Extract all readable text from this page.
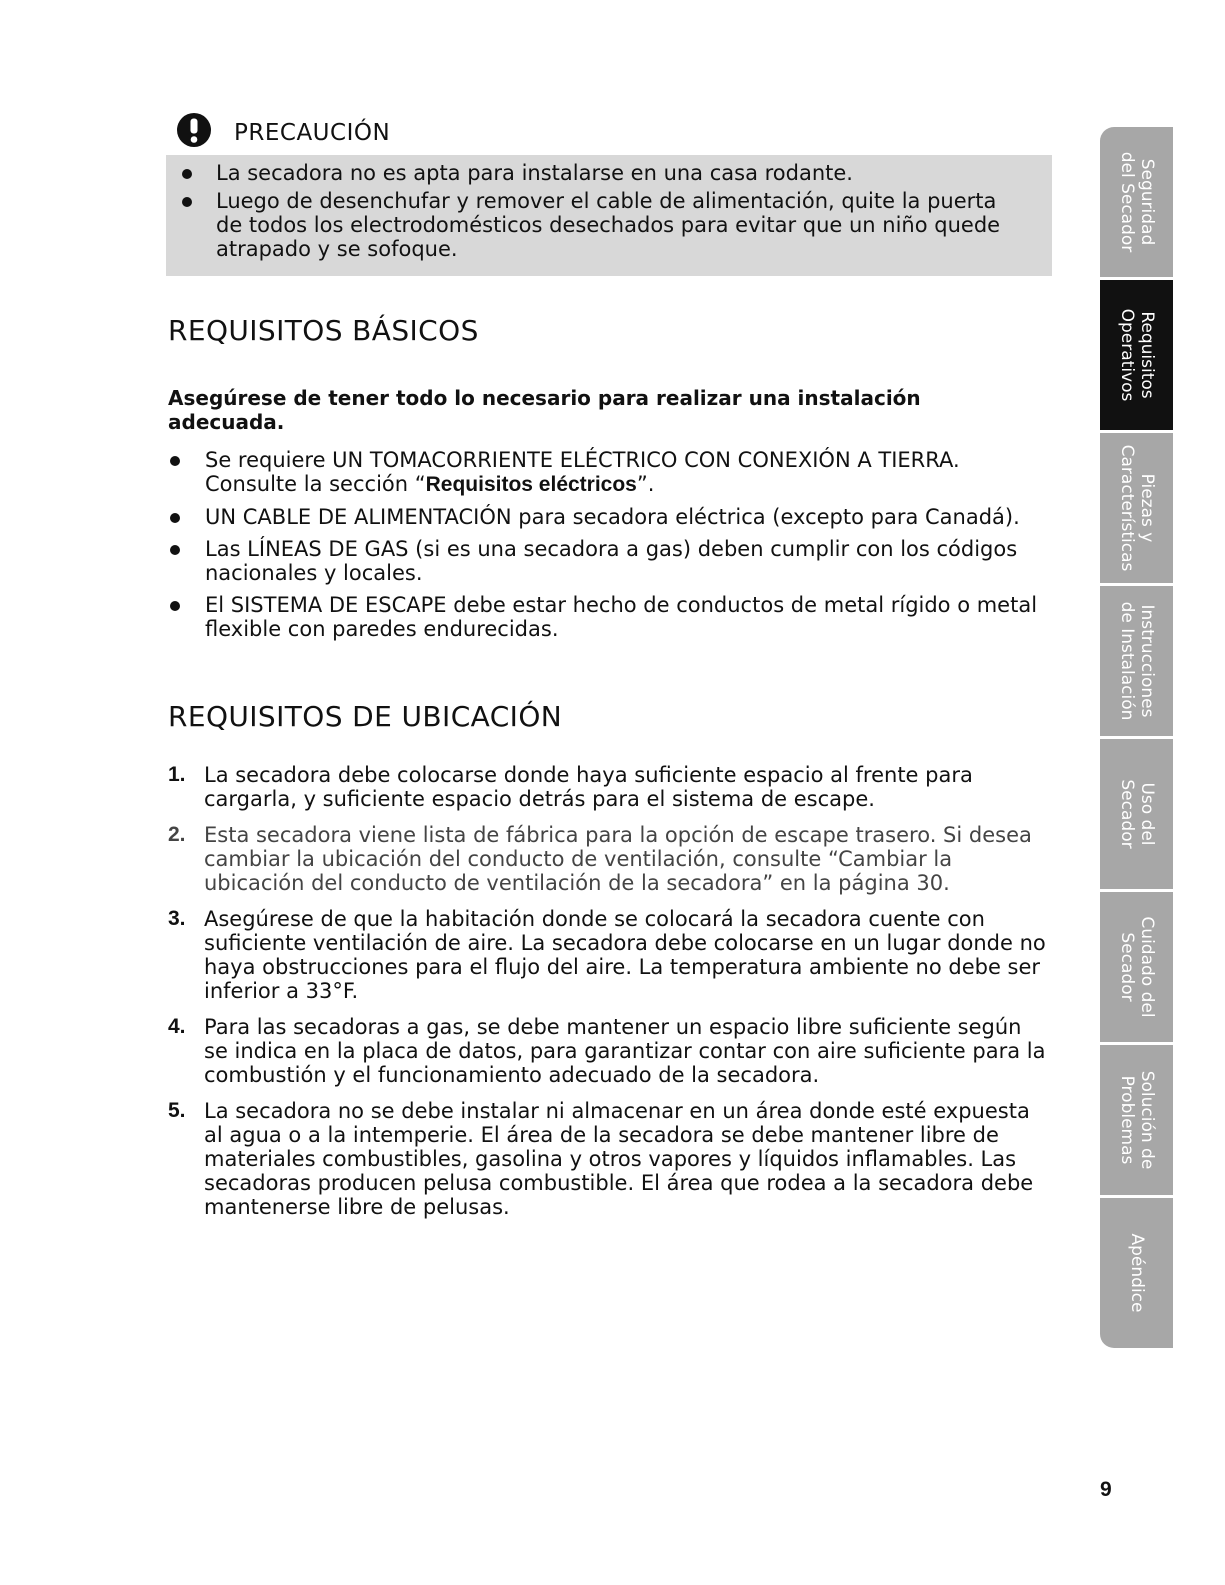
PRECAUCIÓN
La secadora no es apta para instalarse en una casa rodante.
Luego de desenchufar y remover el cable de alimentación, quite la puerta de todos los electrodomésticos desechados para evitar que un niño quede atrapado y se sofoque.
REQUISITOS BÁSICOS

Asegúrese de tener todo lo necesario para realizar una instalación adecuada.

Se requiere UN TOMACORRIENTE ELÉCTRICO CON CONEXIÓN A TIERRA. Consulte la sección “Requisitos eléctricos”.
UN CABLE DE ALIMENTACIÓN para secadora eléctrica (excepto para Canadá).
Las LÍNEAS DE GAS (si es una secadora a gas) deben cumplir con los códigos nacionales y locales.
El SISTEMA DE ESCAPE debe estar hecho de conductos de metal rígido o metal flexible con paredes endurecidas.
REQUISITOS DE UBICACIÓN
1. La secadora debe colocarse donde haya suficiente espacio al frente para cargarla, y suficiente espacio detrás para el sistema de escape.
2. Esta secadora viene lista de fábrica para la opción de escape trasero. Si desea cambiar la ubicación del conducto de ventilación, consulte “Cambiar la ubicación del conducto de ventilación de la secadora” en la página 30.
3. Asegúrese de que la habitación donde se colocará la secadora cuente con suficiente ventilación de aire. La secadora debe colocarse en un lugar donde no haya obstrucciones para el flujo del aire. La temperatura ambiente no debe ser inferior a 33°F.
4. Para las secadoras a gas, se debe mantener un espacio libre suficiente según se indica en la placa de datos, para garantizar contar con aire suficiente para la combustión y el funcionamiento adecuado de la secadora.
5. La secadora no se debe instalar ni almacenar en un área donde esté expuesta al agua o a la intemperie. El área de la secadora se debe mantener libre de materiales combustibles, gasolina y otros vapores y líquidos inflamables. Las secadoras producen pelusa combustible. El área que rodea a la secadora debe mantenerse libre de pelusas.
Seguridad
del Secador
Requisitos
Operativos
Piezas y
Características
Instrucciones
de Instalación
Uso del
Secador
Cuidado del
Secador
Solución de
Problemas
Apéndice
9
